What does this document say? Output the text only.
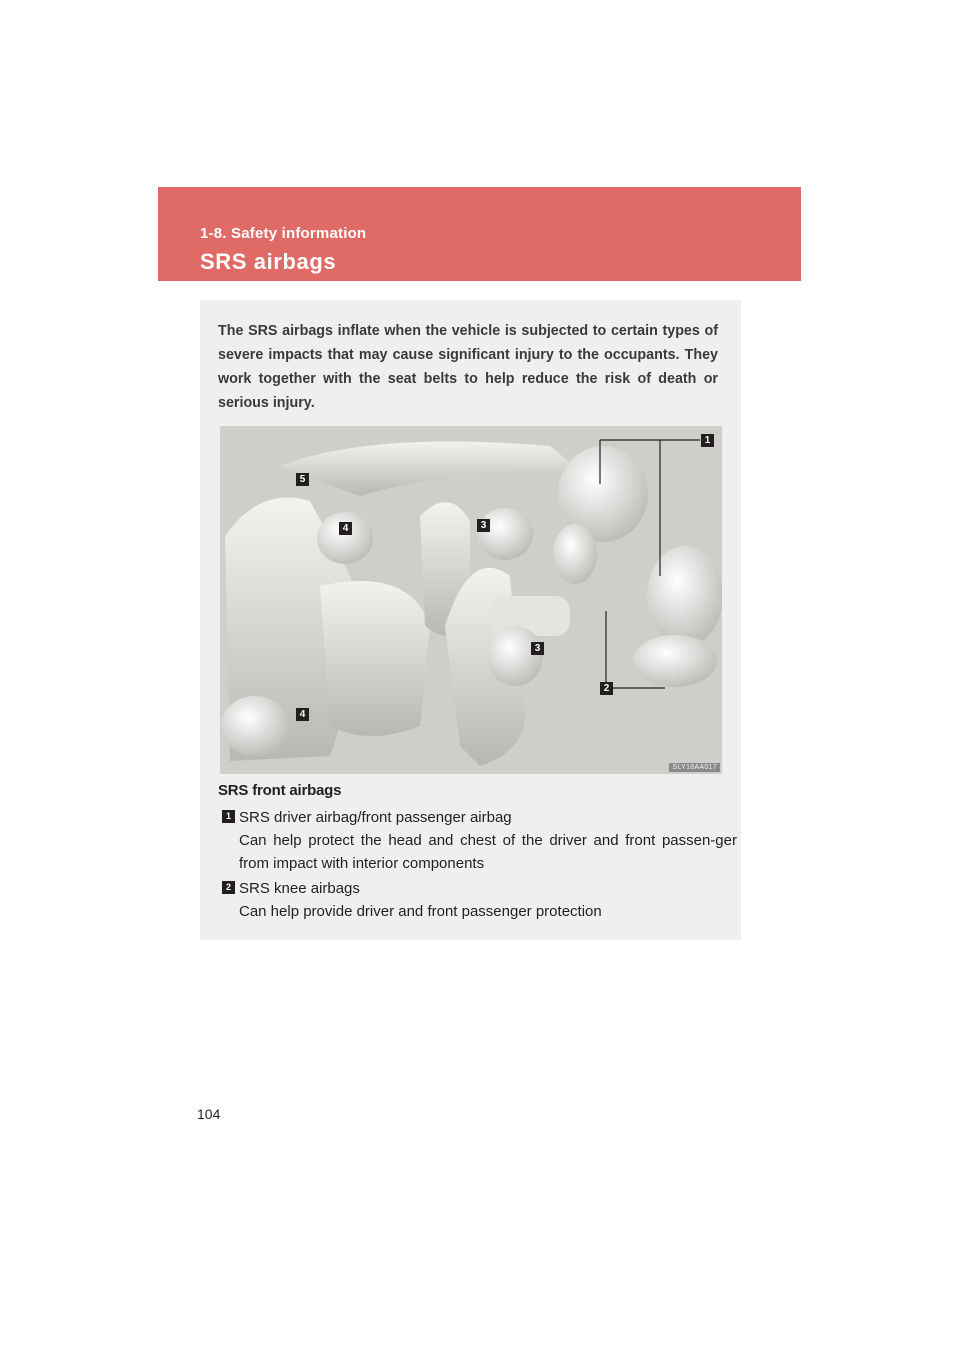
1-8. Safety information
SRS airbags

The SRS airbags inflate when the vehicle is subjected to certain types of severe impacts that may cause significant injury to the occupants. They work together with the seat belts to help reduce the risk of death or serious injury.

1
5
4	3
3
2
4
SLY18AA017
SRS front airbags
1 SRS driver airbag/front passenger airbag

Can help protect the head and chest of the driver and front passen-ger from impact with interior components

2 SRS knee airbags

Can help provide driver and front passenger protection

104
